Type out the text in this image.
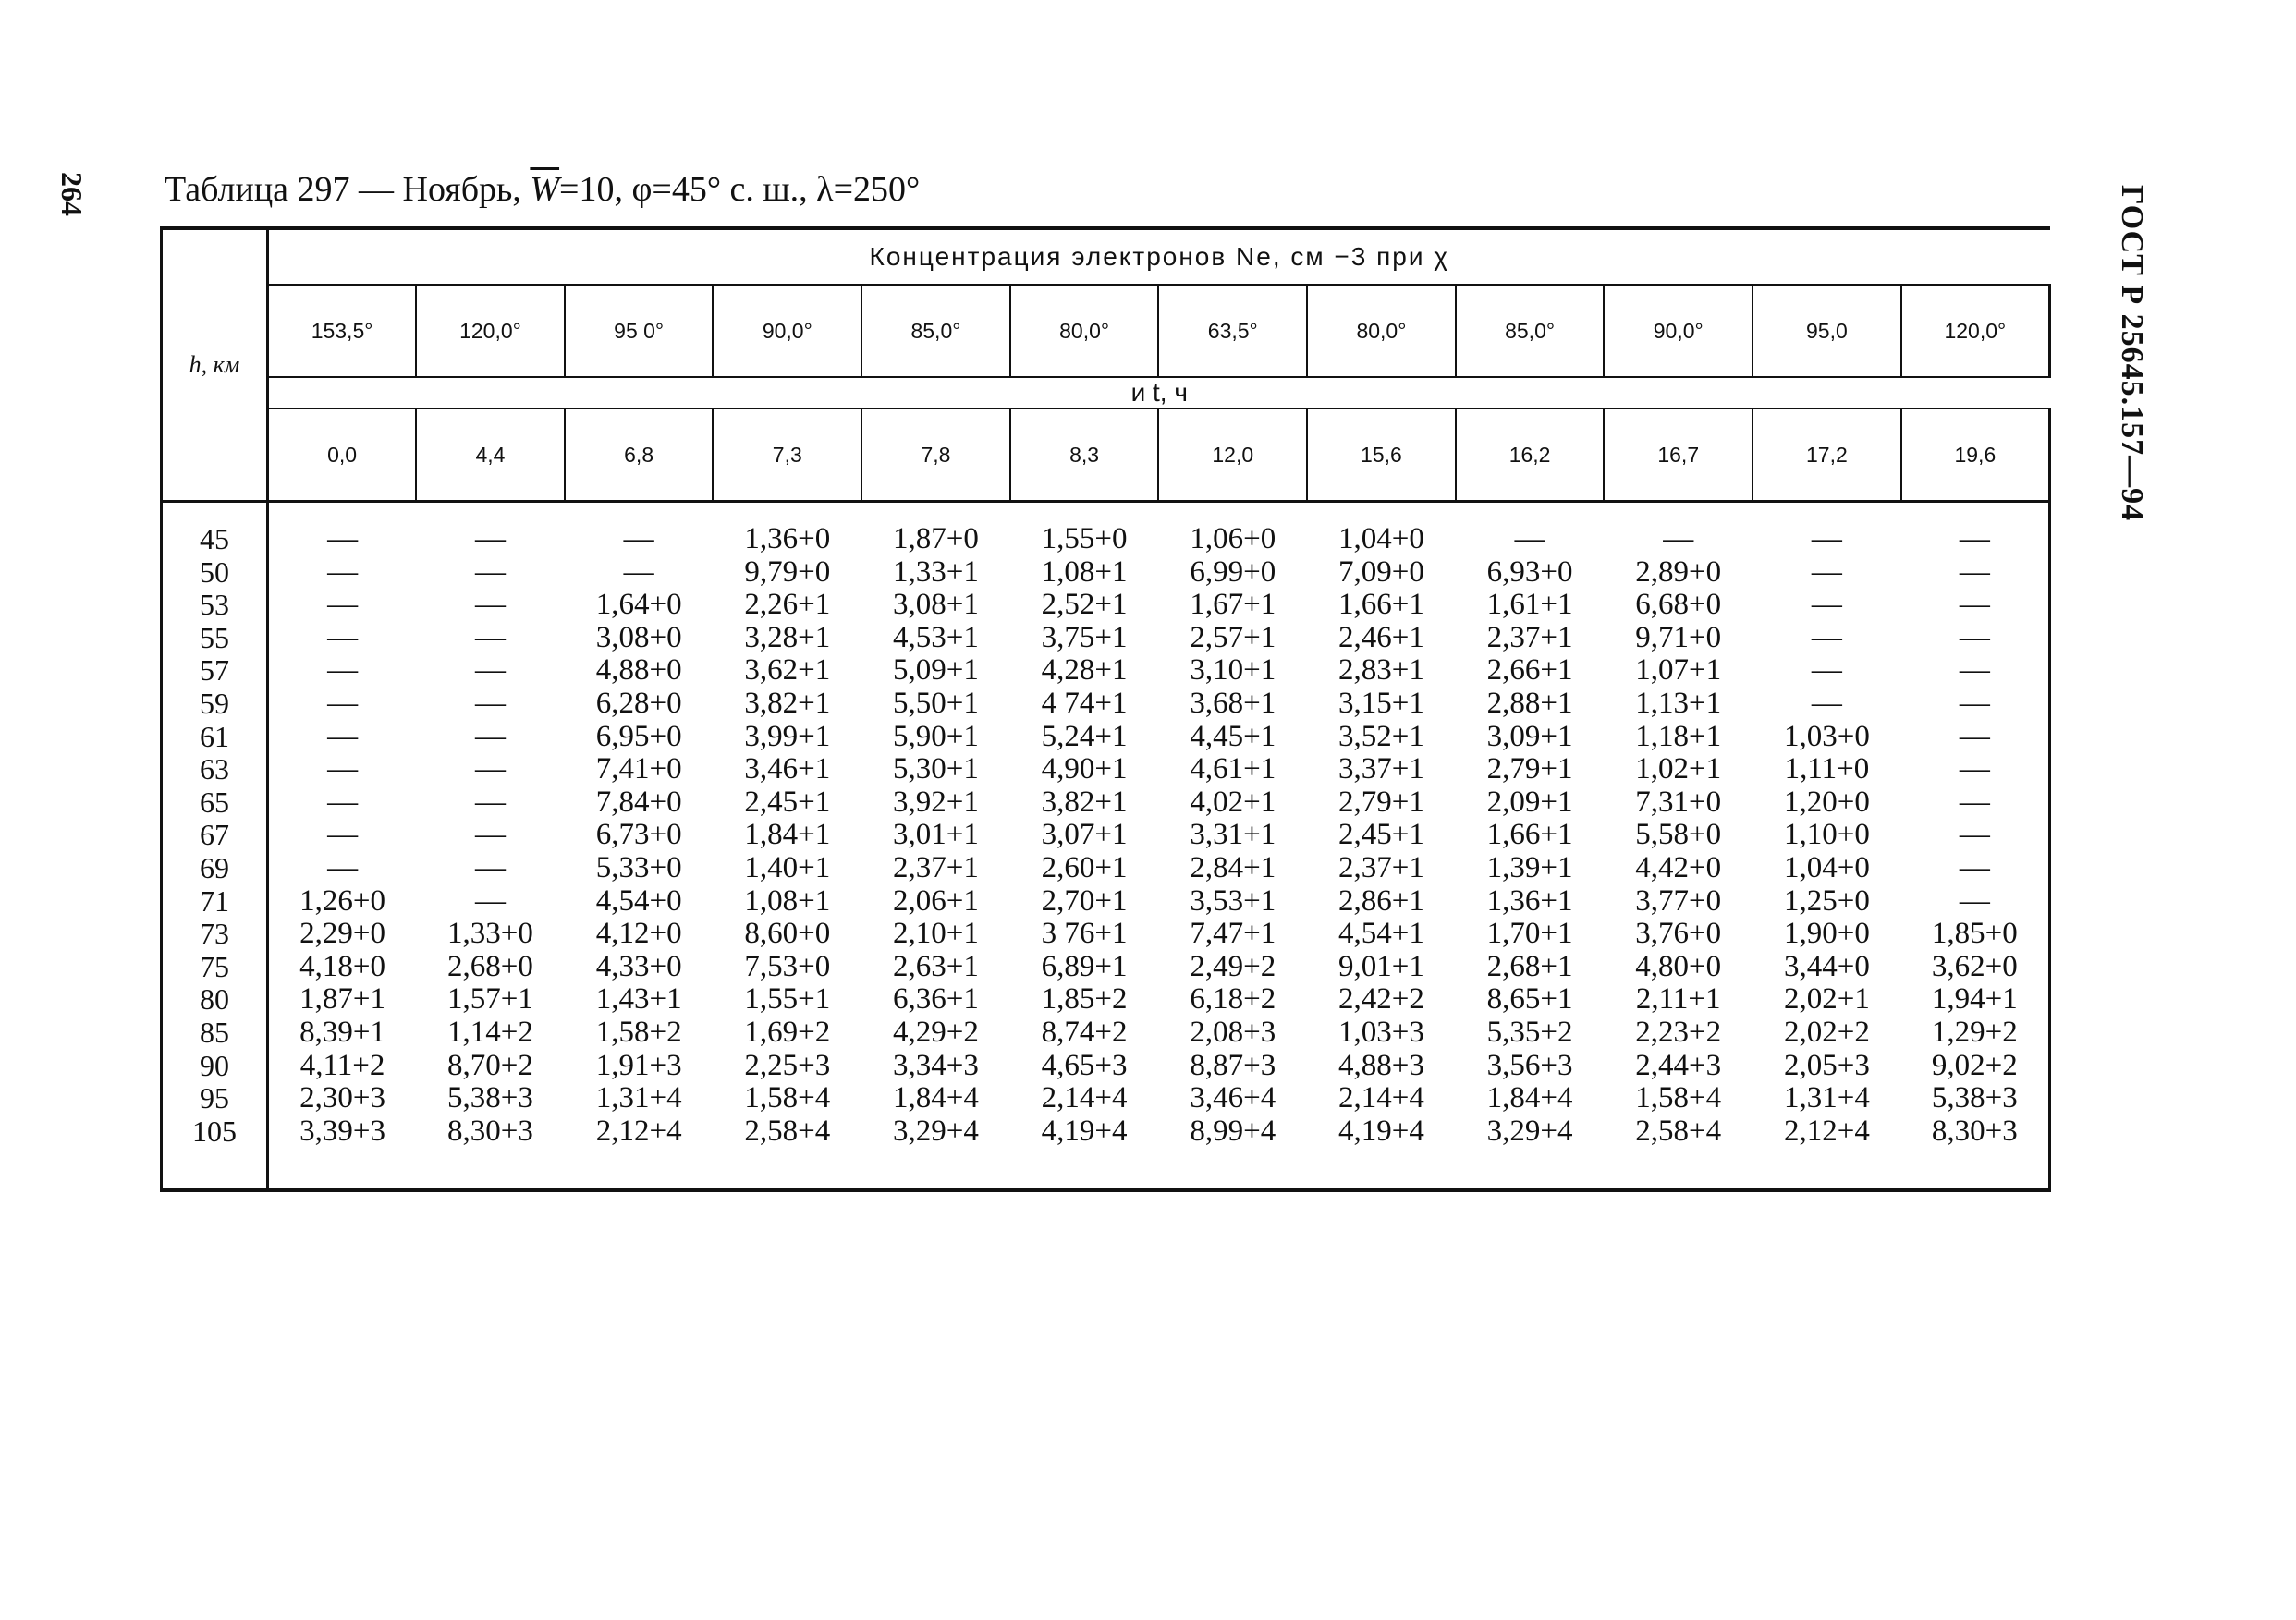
264	ГОСТ Р 25645.157—94
Таблица 297 — Ноябрь, $\overline{W}=10$, φ=45° с. ш., λ=250°
h, км	Концентрация электронов Ne, см −3 при χ											
	153,5°	120,0°	95 0°	90,0°	85,0°	80,0°	63,5°	80,0°	85,0°	90,0°	95,0	120,0°
	и t, ч											
	0,0	4,4	6,8	7,3	7,8	8,3	12,0	15,6	16,2	16,7	17,2	19,6

45	—	—	—	1,36+0	1,87+0	1,55+0	1,06+0	1,04+0	—	—	—	—
50	—	—	—	9,79+0	1,33+1	1,08+1	6,99+0	7,09+0	6,93+0	2,89+0	—	—
53	—	—	1,64+0	2,26+1	3,08+1	2,52+1	1,67+1	1,66+1	1,61+1	6,68+0	—	—
55	—	—	3,08+0	3,28+1	4,53+1	3,75+1	2,57+1	2,46+1	2,37+1	9,71+0	—	—
57	—	—	4,88+0	3,62+1	5,09+1	4,28+1	3,10+1	2,83+1	2,66+1	1,07+1	—	—
59	—	—	6,28+0	3,82+1	5,50+1	4 74+1	3,68+1	3,15+1	2,88+1	1,13+1	—	—
61	—	—	6,95+0	3,99+1	5,90+1	5,24+1	4,45+1	3,52+1	3,09+1	1,18+1	1,03+0	—
63	—	—	7,41+0	3,46+1	5,30+1	4,90+1	4,61+1	3,37+1	2,79+1	1,02+1	1,11+0	—
65	—	—	7,84+0	2,45+1	3,92+1	3,82+1	4,02+1	2,79+1	2,09+1	7,31+0	1,20+0	—
67	—	—	6,73+0	1,84+1	3,01+1	3,07+1	3,31+1	2,45+1	1,66+1	5,58+0	1,10+0	—
69	—	—	5,33+0	1,40+1	2,37+1	2,60+1	2,84+1	2,37+1	1,39+1	4,42+0	1,04+0	—
71	1,26+0	—	4,54+0	1,08+1	2,06+1	2,70+1	3,53+1	2,86+1	1,36+1	3,77+0	1,25+0	—
73	2,29+0	1,33+0	4,12+0	8,60+0	2,10+1	3 76+1	7,47+1	4,54+1	1,70+1	3,76+0	1,90+0	1,85+0
75	4,18+0	2,68+0	4,33+0	7,53+0	2,63+1	6,89+1	2,49+2	9,01+1	2,68+1	4,80+0	3,44+0	3,62+0
80	1,87+1	1,57+1	1,43+1	1,55+1	6,36+1	1,85+2	6,18+2	2,42+2	8,65+1	2,11+1	2,02+1	1,94+1
85	8,39+1	1,14+2	1,58+2	1,69+2	4,29+2	8,74+2	2,08+3	1,03+3	5,35+2	2,23+2	2,02+2	1,29+2
90	4,11+2	8,70+2	1,91+3	2,25+3	3,34+3	4,65+3	8,87+3	4,88+3	3,56+3	2,44+3	2,05+3	9,02+2
95	2,30+3	5,38+3	1,31+4	1,58+4	1,84+4	2,14+4	3,46+4	2,14+4	1,84+4	1,58+4	1,31+4	5,38+3
105	3,39+3	8,30+3	2,12+4	2,58+4	3,29+4	4,19+4	8,99+4	4,19+4	3,29+4	2,58+4	2,12+4	8,30+3
